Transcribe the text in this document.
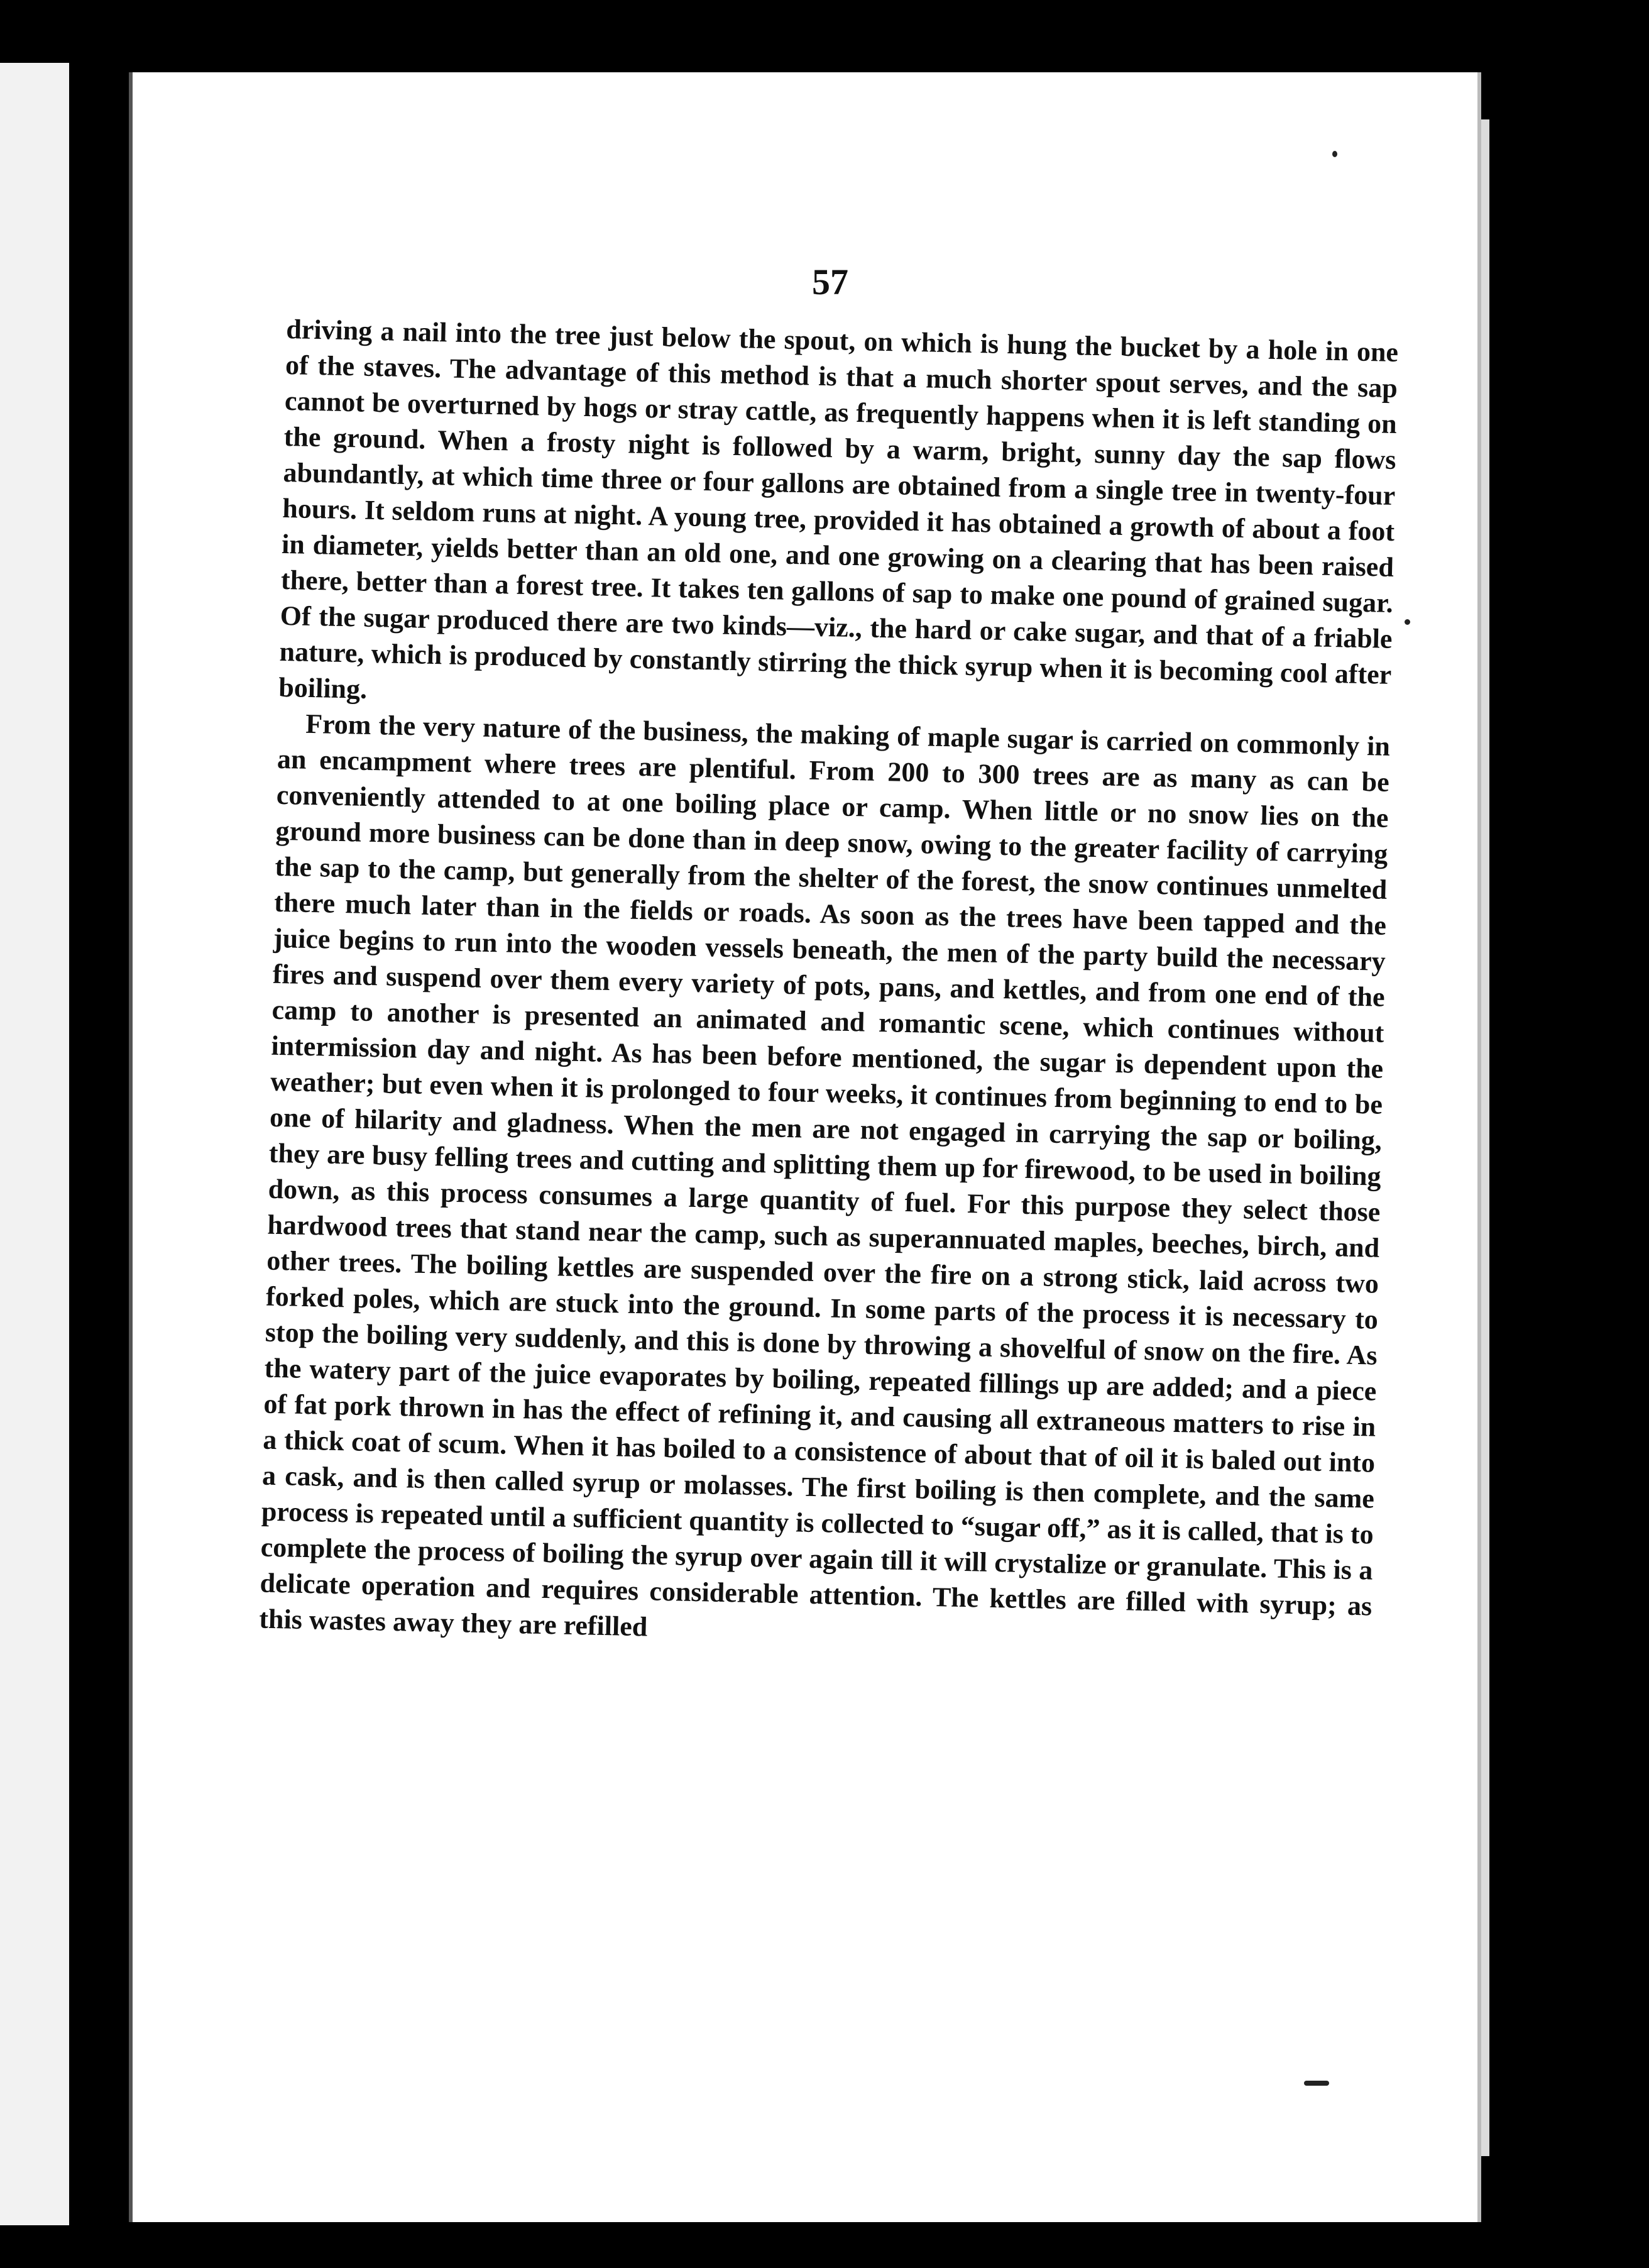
57

driving a nail into the tree just below the spout, on which is hung the bucket by a hole in one of the staves. The advantage of this method is that a much shorter spout serves, and the sap cannot be overturned by hogs or stray cattle, as frequently happens when it is left standing on the ground. When a frosty night is followed by a warm, bright, sunny day the sap flows abundantly, at which time three or four gallons are obtained from a single tree in twenty-four hours. It seldom runs at night. A young tree, provided it has obtained a growth of about a foot in diameter, yields better than an old one, and one growing on a clearing that has been raised there, better than a forest tree. It takes ten gallons of sap to make one pound of grained sugar. Of the sugar produced there are two kinds—viz., the hard or cake sugar, and that of a friable nature, which is produced by constantly stirring the thick syrup when it is becoming cool after boiling.

From the very nature of the business, the making of maple sugar is carried on commonly in an encampment where trees are plentiful. From 200 to 300 trees are as many as can be conveniently attended to at one boiling place or camp. When little or no snow lies on the ground more business can be done than in deep snow, owing to the greater facility of carrying the sap to the camp, but generally from the shelter of the forest, the snow continues unmelted there much later than in the fields or roads. As soon as the trees have been tapped and the juice begins to run into the wooden vessels beneath, the men of the party build the necessary fires and suspend over them every variety of pots, pans, and kettles, and from one end of the camp to another is presented an animated and romantic scene, which continues without intermission day and night. As has been before mentioned, the sugar is dependent upon the weather; but even when it is prolonged to four weeks, it continues from beginning to end to be one of hilarity and gladness. When the men are not engaged in carrying the sap or boiling, they are busy felling trees and cutting and splitting them up for firewood, to be used in boiling down, as this process consumes a large quantity of fuel. For this purpose they select those hardwood trees that stand near the camp, such as superannuated maples, beeches, birch, and other trees. The boiling kettles are suspended over the fire on a strong stick, laid across two forked poles, which are stuck into the ground. In some parts of the process it is necessary to stop the boiling very suddenly, and this is done by throwing a shovelful of snow on the fire. As the watery part of the juice evaporates by boiling, repeated fillings up are added; and a piece of fat pork thrown in has the effect of refining it, and causing all extraneous matters to rise in a thick coat of scum. When it has boiled to a consistence of about that of oil it is baled out into a cask, and is then called syrup or molasses. The first boiling is then complete, and the same process is repeated until a sufficient quantity is collected to “sugar off,” as it is called, that is to complete the process of boiling the syrup over again till it will crystalize or granulate. This is a delicate operation and requires considerable attention. The kettles are filled with syrup; as this wastes away they are refilled
